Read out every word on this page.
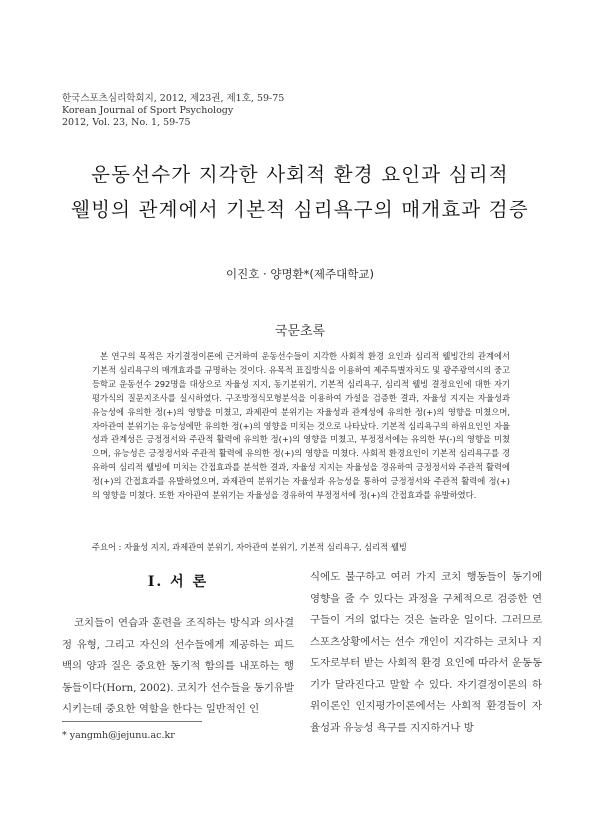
한국스포츠심리학회지, 2012, 제23권, 제1호, 59-75
Korean Journal of Sport Psychology
2012, Vol. 23, No. 1, 59-75
운동선수가 지각한 사회적 환경 요인과 심리적
웰빙의 관계에서 기본적 심리욕구의 매개효과 검증
이진호 · 양명환*(제주대학교)
국문초록

본 연구의 목적은 자기결정이론에 근거하여 운동선수들이 지각한 사회적 환경 요인과 심리적 웰빙간의 관계에서 기본적 심리욕구의 매개효과를 규명하는 것이다. 유목적 표집방식을 이용하여 제주특별자치도 및 광주광역시의 중고등학교 운동선수 292명을 대상으로 자율성 지지, 동기분위기, 기본적 심리욕구, 심리적 웰빙 결정요인에 대한 자기평가식의 질문지조사를 실시하였다. 구조방정식모형분석을 이용하여 가설을 검증한 결과, 자율성 지지는 자율성과 유능성에 유의한 정(+)의 영향을 미쳤고, 과제관여 분위기는 자율성과 관계성에 유의한 정(+)의 영향을 미쳤으며, 자아관여 분위기는 유능성에만 유의한 정(+)의 영향을 미치는 것으로 나타났다. 기본적 심리욕구의 하위요인인 자율성과 관계성은 긍정정서와 주관적 활력에 유의한 정(+)의 영향을 미쳤고, 부정정서에는 유의한 부(-)의 영향을 미쳤으며, 유능성은 긍정정서와 주관적 활력에 유의한 정(+)의 영향을 미쳤다. 사회적 환경요인이 기본적 심리욕구를 경유하여 심리적 웰빙에 미치는 간접효과를 분석한 결과, 자율성 지지는 자율성을 경유하여 긍정정서와 주관적 활력에 정(+)의 간접효과를 유발하였으며, 과제관여 분위기는 자율성과 유능성을 통하여 긍정정서와 주관적 활력에 정(+)의 영향을 미쳤다. 또한 자아관여 분위기는 자율성을 경유하여 부정정서에 정(+)의 간접효과를 유발하였다.

주요어 : 자율성 지지, 과제관여 분위기, 자아관여 분위기, 기본적 심리욕구, 심리적 웰빙
I. 서 론

코치들이 연습과 훈련을 조직하는 방식과 의사결정 유형, 그리고 자신의 선수들에게 제공하는 피드백의 양과 질은 중요한 동기적 함의를 내포하는 행동들이다(Horn, 2002). 코치가 선수들을 동기유발시키는데 중요한 역할을 한다는 일반적인 인

식에도 불구하고 여러 가지 코치 행동들이 동기에 영향을 줄 수 있다는 과정을 구체적으로 검증한 연구들이 거의 없다는 것은 놀라운 일이다. 그러므로 스포츠상황에서는 선수 개인이 지각하는 코치나 지도자로부터 받는 사회적 환경 요인에 따라서 운동동기가 달라진다고 말할 수 있다. 자기결정이론의 하위이론인 인지평가이론에서는 사회적 환경들이 자율성과 유능성 욕구를 지지하거나 방

* yangmh@jejunu.ac.kr
